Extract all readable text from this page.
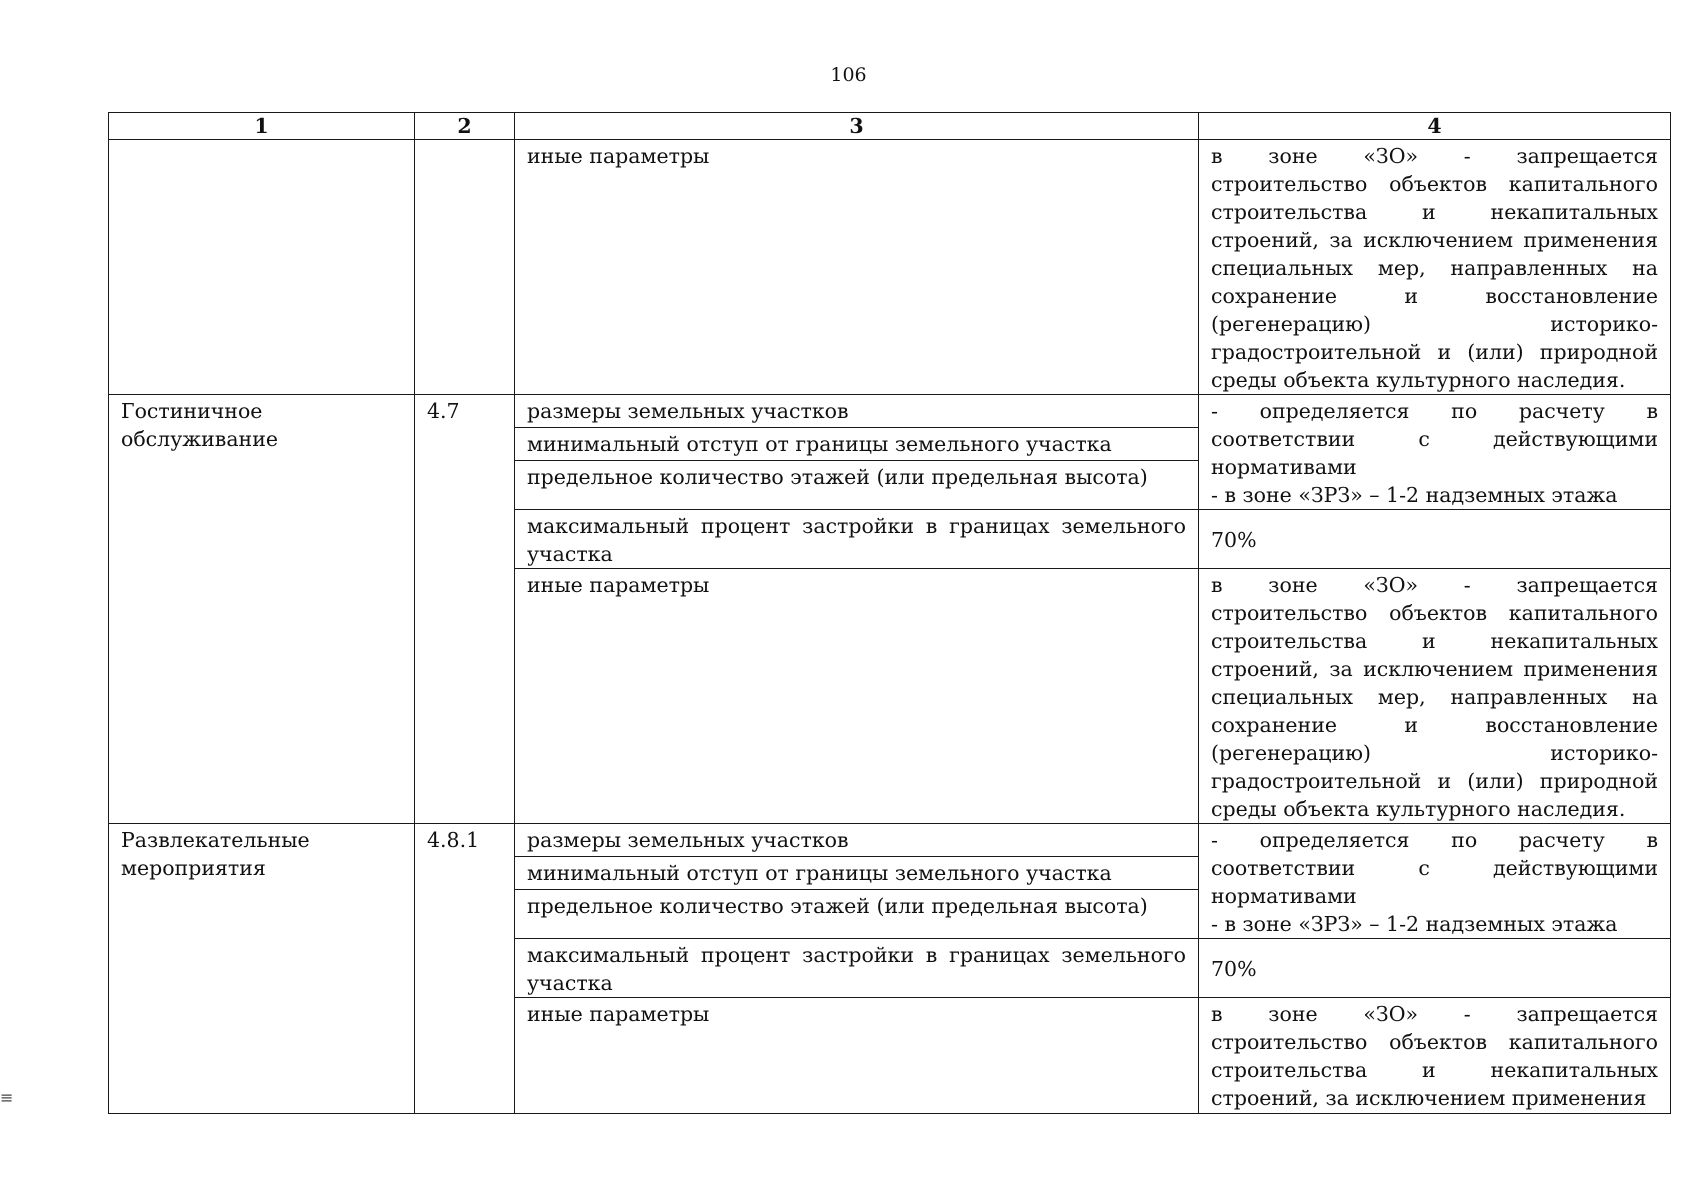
106
1	2	3	4
		иные параметры	в зоне «ЗО» - запрещается строительство объектов капитального строительства и некапитальных строений, за исключением применения специальных мер, направленных на сохранение и восстановление (регенерацию) историко-градостроительной и (или) природной среды объекта культурного наследия.
Гостиничное обслуживание	4.7	размеры земельных участков	- определяется по расчету в соответствии с действующими нормативами
- в зоне «ЗРЗ» – 1-2 надземных этажа

		минимальный отступ от границы земельного участка	
		предельное количество этажей (или предельная высота)	
		максимальный процент застройки в границах земельного участка	70%
		иные параметры	в зоне «ЗО» - запрещается строительство объектов капитального строительства и некапитальных строений, за исключением применения специальных мер, направленных на сохранение и восстановление (регенерацию) историко-градостроительной и (или) природной среды объекта культурного наследия.
Развлекательные мероприятия	4.8.1	размеры земельных участков	- определяется по расчету в соответствии с действующими нормативами
- в зоне «ЗРЗ» – 1-2 надземных этажа

		минимальный отступ от границы земельного участка	
		предельное количество этажей (или предельная высота)	
		максимальный процент застройки в границах земельного участка	70%
		иные параметры	в зоне «ЗО» - запрещается строительство объектов капитального строительства и некапитальных строений, за исключением применения
≡
